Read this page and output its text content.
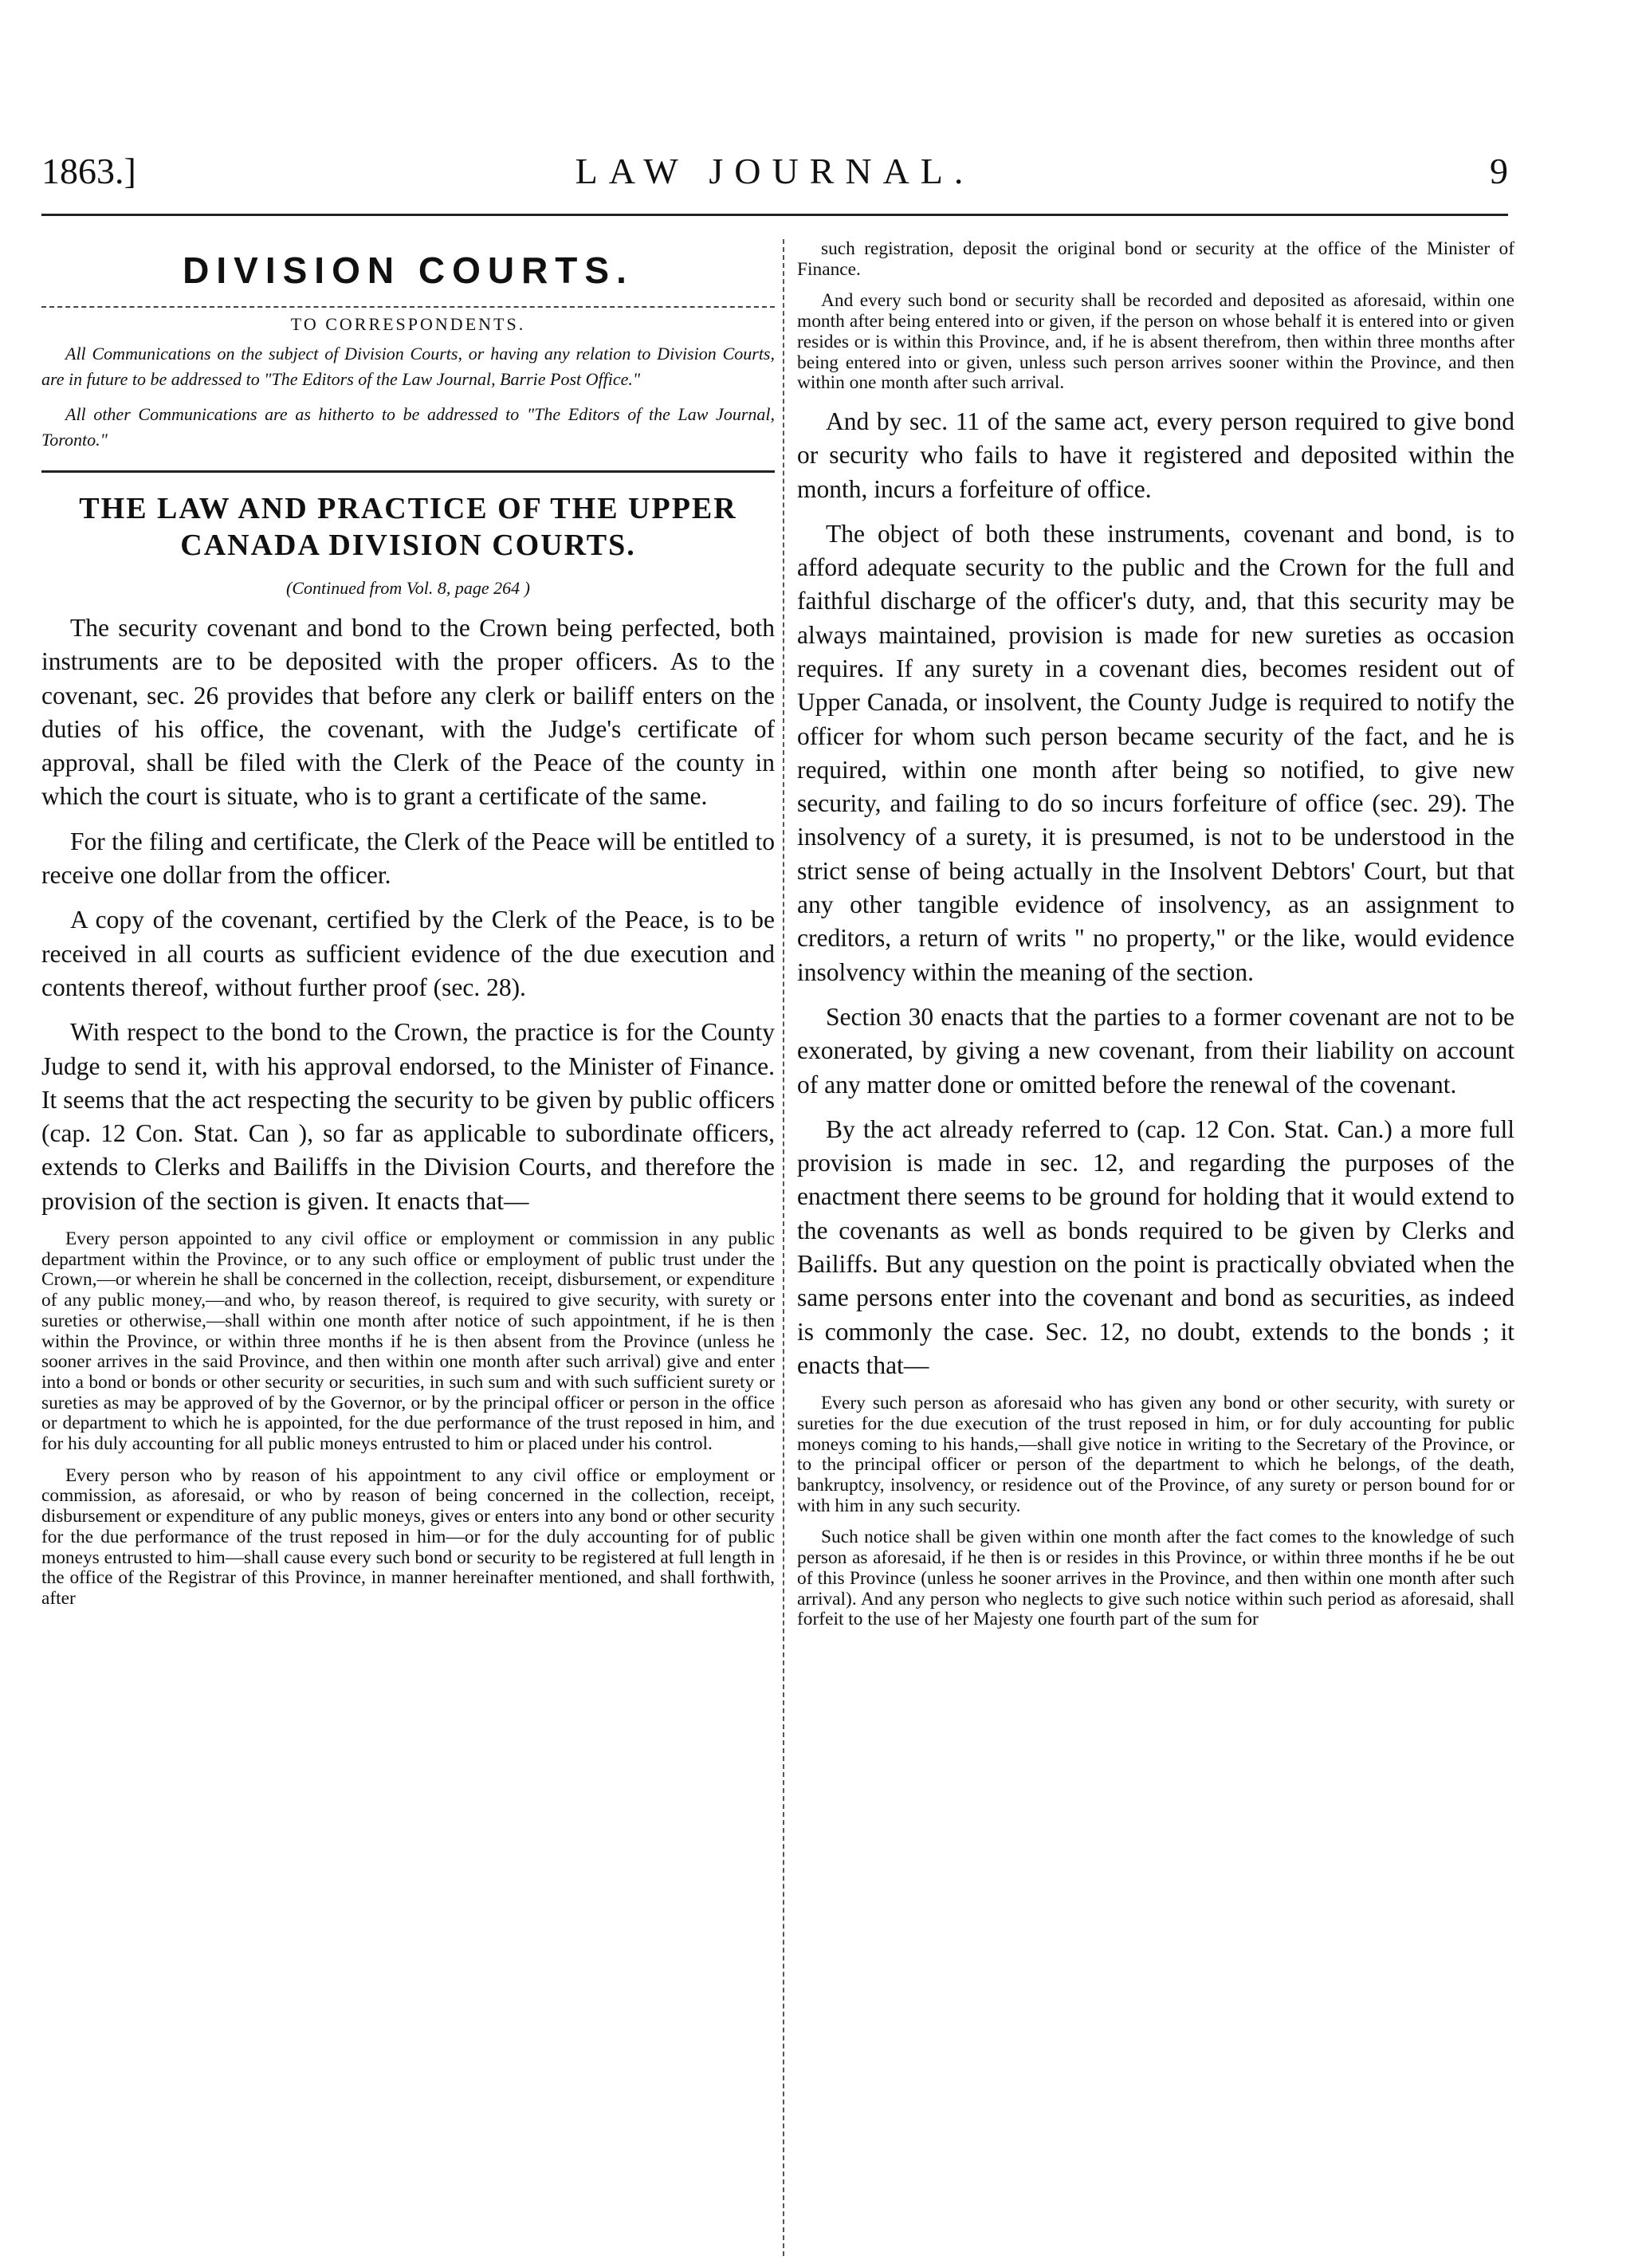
1863.]	LAW JOURNAL.	9
DIVISION COURTS.
TO CORRESPONDENTS.

All Communications on the subject of Division Courts, or having any relation to Division Courts, are in future to be addressed to "The Editors of the Law Journal, Barrie Post Office."

All other Communications are as hitherto to be addressed to "The Editors of the Law Journal, Toronto."

THE LAW AND PRACTICE OF THE UPPER CANADA DIVISION COURTS.
(Continued from Vol. 8, page 264 )

The security covenant and bond to the Crown being perfected, both instruments are to be deposited with the proper officers. As to the covenant, sec. 26 provides that before any clerk or bailiff enters on the duties of his office, the covenant, with the Judge's certificate of approval, shall be filed with the Clerk of the Peace of the county in which the court is situate, who is to grant a certificate of the same.

For the filing and certificate, the Clerk of the Peace will be entitled to receive one dollar from the officer.

A copy of the covenant, certified by the Clerk of the Peace, is to be received in all courts as sufficient evidence of the due execution and contents thereof, without further proof (sec. 28).

With respect to the bond to the Crown, the practice is for the County Judge to send it, with his approval endorsed, to the Minister of Finance. It seems that the act respecting the security to be given by public officers (cap. 12 Con. Stat. Can ), so far as applicable to subordinate officers, extends to Clerks and Bailiffs in the Division Courts, and therefore the provision of the section is given. It enacts that—

Every person appointed to any civil office or employment or commission in any public department within the Province, or to any such office or employment of public trust under the Crown,—or wherein he shall be concerned in the collection, receipt, disbursement, or expenditure of any public money,—and who, by reason thereof, is required to give security, with surety or sureties or otherwise,—shall within one month after notice of such appointment, if he is then within the Province, or within three months if he is then absent from the Province (unless he sooner arrives in the said Province, and then within one month after such arrival) give and enter into a bond or bonds or other security or securities, in such sum and with such sufficient surety or sureties as may be approved of by the Governor, or by the principal officer or person in the office or department to which he is appointed, for the due performance of the trust reposed in him, and for his duly accounting for all public moneys entrusted to him or placed under his control.

Every person who by reason of his appointment to any civil office or employment or commission, as aforesaid, or who by reason of being concerned in the collection, receipt, disbursement or expenditure of any public moneys, gives or enters into any bond or other security for the due performance of the trust reposed in him—or for the duly accounting for of public moneys entrusted to him—shall cause every such bond or security to be registered at full length in the office of the Registrar of this Province, in manner hereinafter mentioned, and shall forthwith, after

such registration, deposit the original bond or security at the office of the Minister of Finance.

And every such bond or security shall be recorded and deposited as aforesaid, within one month after being entered into or given, if the person on whose behalf it is entered into or given resides or is within this Province, and, if he is absent therefrom, then within three months after being entered into or given, unless such person arrives sooner within the Province, and then within one month after such arrival.

And by sec. 11 of the same act, every person required to give bond or security who fails to have it registered and deposited within the month, incurs a forfeiture of office.

The object of both these instruments, covenant and bond, is to afford adequate security to the public and the Crown for the full and faithful discharge of the officer's duty, and, that this security may be always maintained, provision is made for new sureties as occasion requires. If any surety in a covenant dies, becomes resident out of Upper Canada, or insolvent, the County Judge is required to notify the officer for whom such person became security of the fact, and he is required, within one month after being so notified, to give new security, and failing to do so incurs forfeiture of office (sec. 29). The insolvency of a surety, it is presumed, is not to be understood in the strict sense of being actually in the Insolvent Debtors' Court, but that any other tangible evidence of insolvency, as an assignment to creditors, a return of writs " no property," or the like, would evidence insolvency within the meaning of the section.

Section 30 enacts that the parties to a former covenant are not to be exonerated, by giving a new covenant, from their liability on account of any matter done or omitted before the renewal of the covenant.

By the act already referred to (cap. 12 Con. Stat. Can.) a more full provision is made in sec. 12, and regarding the purposes of the enactment there seems to be ground for holding that it would extend to the covenants as well as bonds required to be given by Clerks and Bailiffs. But any question on the point is practically obviated when the same persons enter into the covenant and bond as securities, as indeed is commonly the case. Sec. 12, no doubt, extends to the bonds ; it enacts that—

Every such person as aforesaid who has given any bond or other security, with surety or sureties for the due execution of the trust reposed in him, or for duly accounting for public moneys coming to his hands,—shall give notice in writing to the Secretary of the Province, or to the principal officer or person of the department to which he belongs, of the death, bankruptcy, insolvency, or residence out of the Province, of any surety or person bound for or with him in any such security.

Such notice shall be given within one month after the fact comes to the knowledge of such person as aforesaid, if he then is or resides in this Province, or within three months if he be out of this Province (unless he sooner arrives in the Province, and then within one month after such arrival). And any person who neglects to give such notice within such period as aforesaid, shall forfeit to the use of her Majesty one fourth part of the sum for
